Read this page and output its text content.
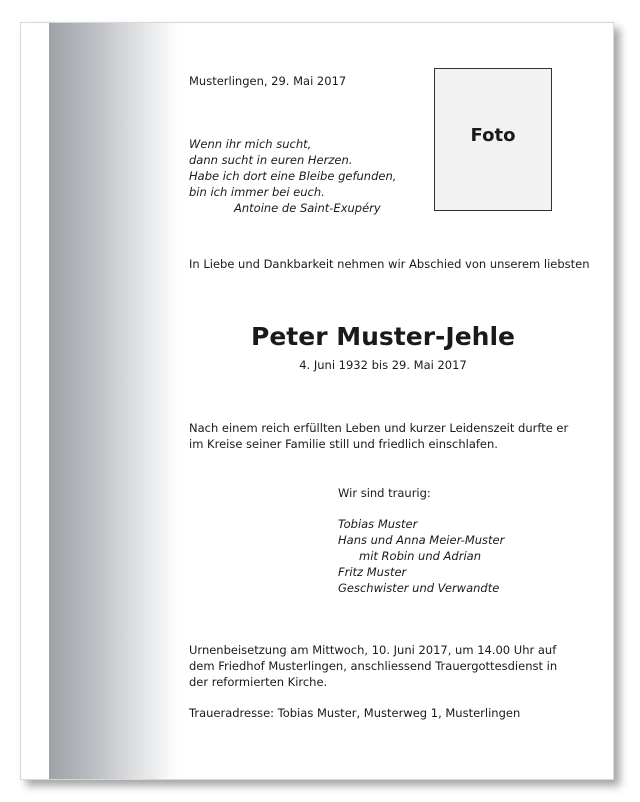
Musterlingen, 29. Mai 2017
Wenn ihr mich sucht,
dann sucht in euren Herzen.
Habe ich dort eine Bleibe gefunden,
bin ich immer bei euch.
Antoine de Saint-Exupéry
Foto
In Liebe und Dankbarkeit nehmen wir Abschied von unserem liebsten
Peter Muster-Jehle
4. Juni 1932 bis 29. Mai 2017
Nach einem reich erfüllten Leben und kurzer Leidenszeit durfte er
im Kreise seiner Familie still und friedlich einschlafen.
Wir sind traurig:
Tobias Muster
Hans und Anna Meier-Muster
mit Robin und Adrian
Fritz Muster
Geschwister und Verwandte
Urnenbeisetzung am Mittwoch, 10. Juni 2017, um 14.00 Uhr auf
dem Friedhof Musterlingen, anschliessend Trauergottesdienst in
der reformierten Kirche.
Traueradresse: Tobias Muster, Musterweg 1, Musterlingen
